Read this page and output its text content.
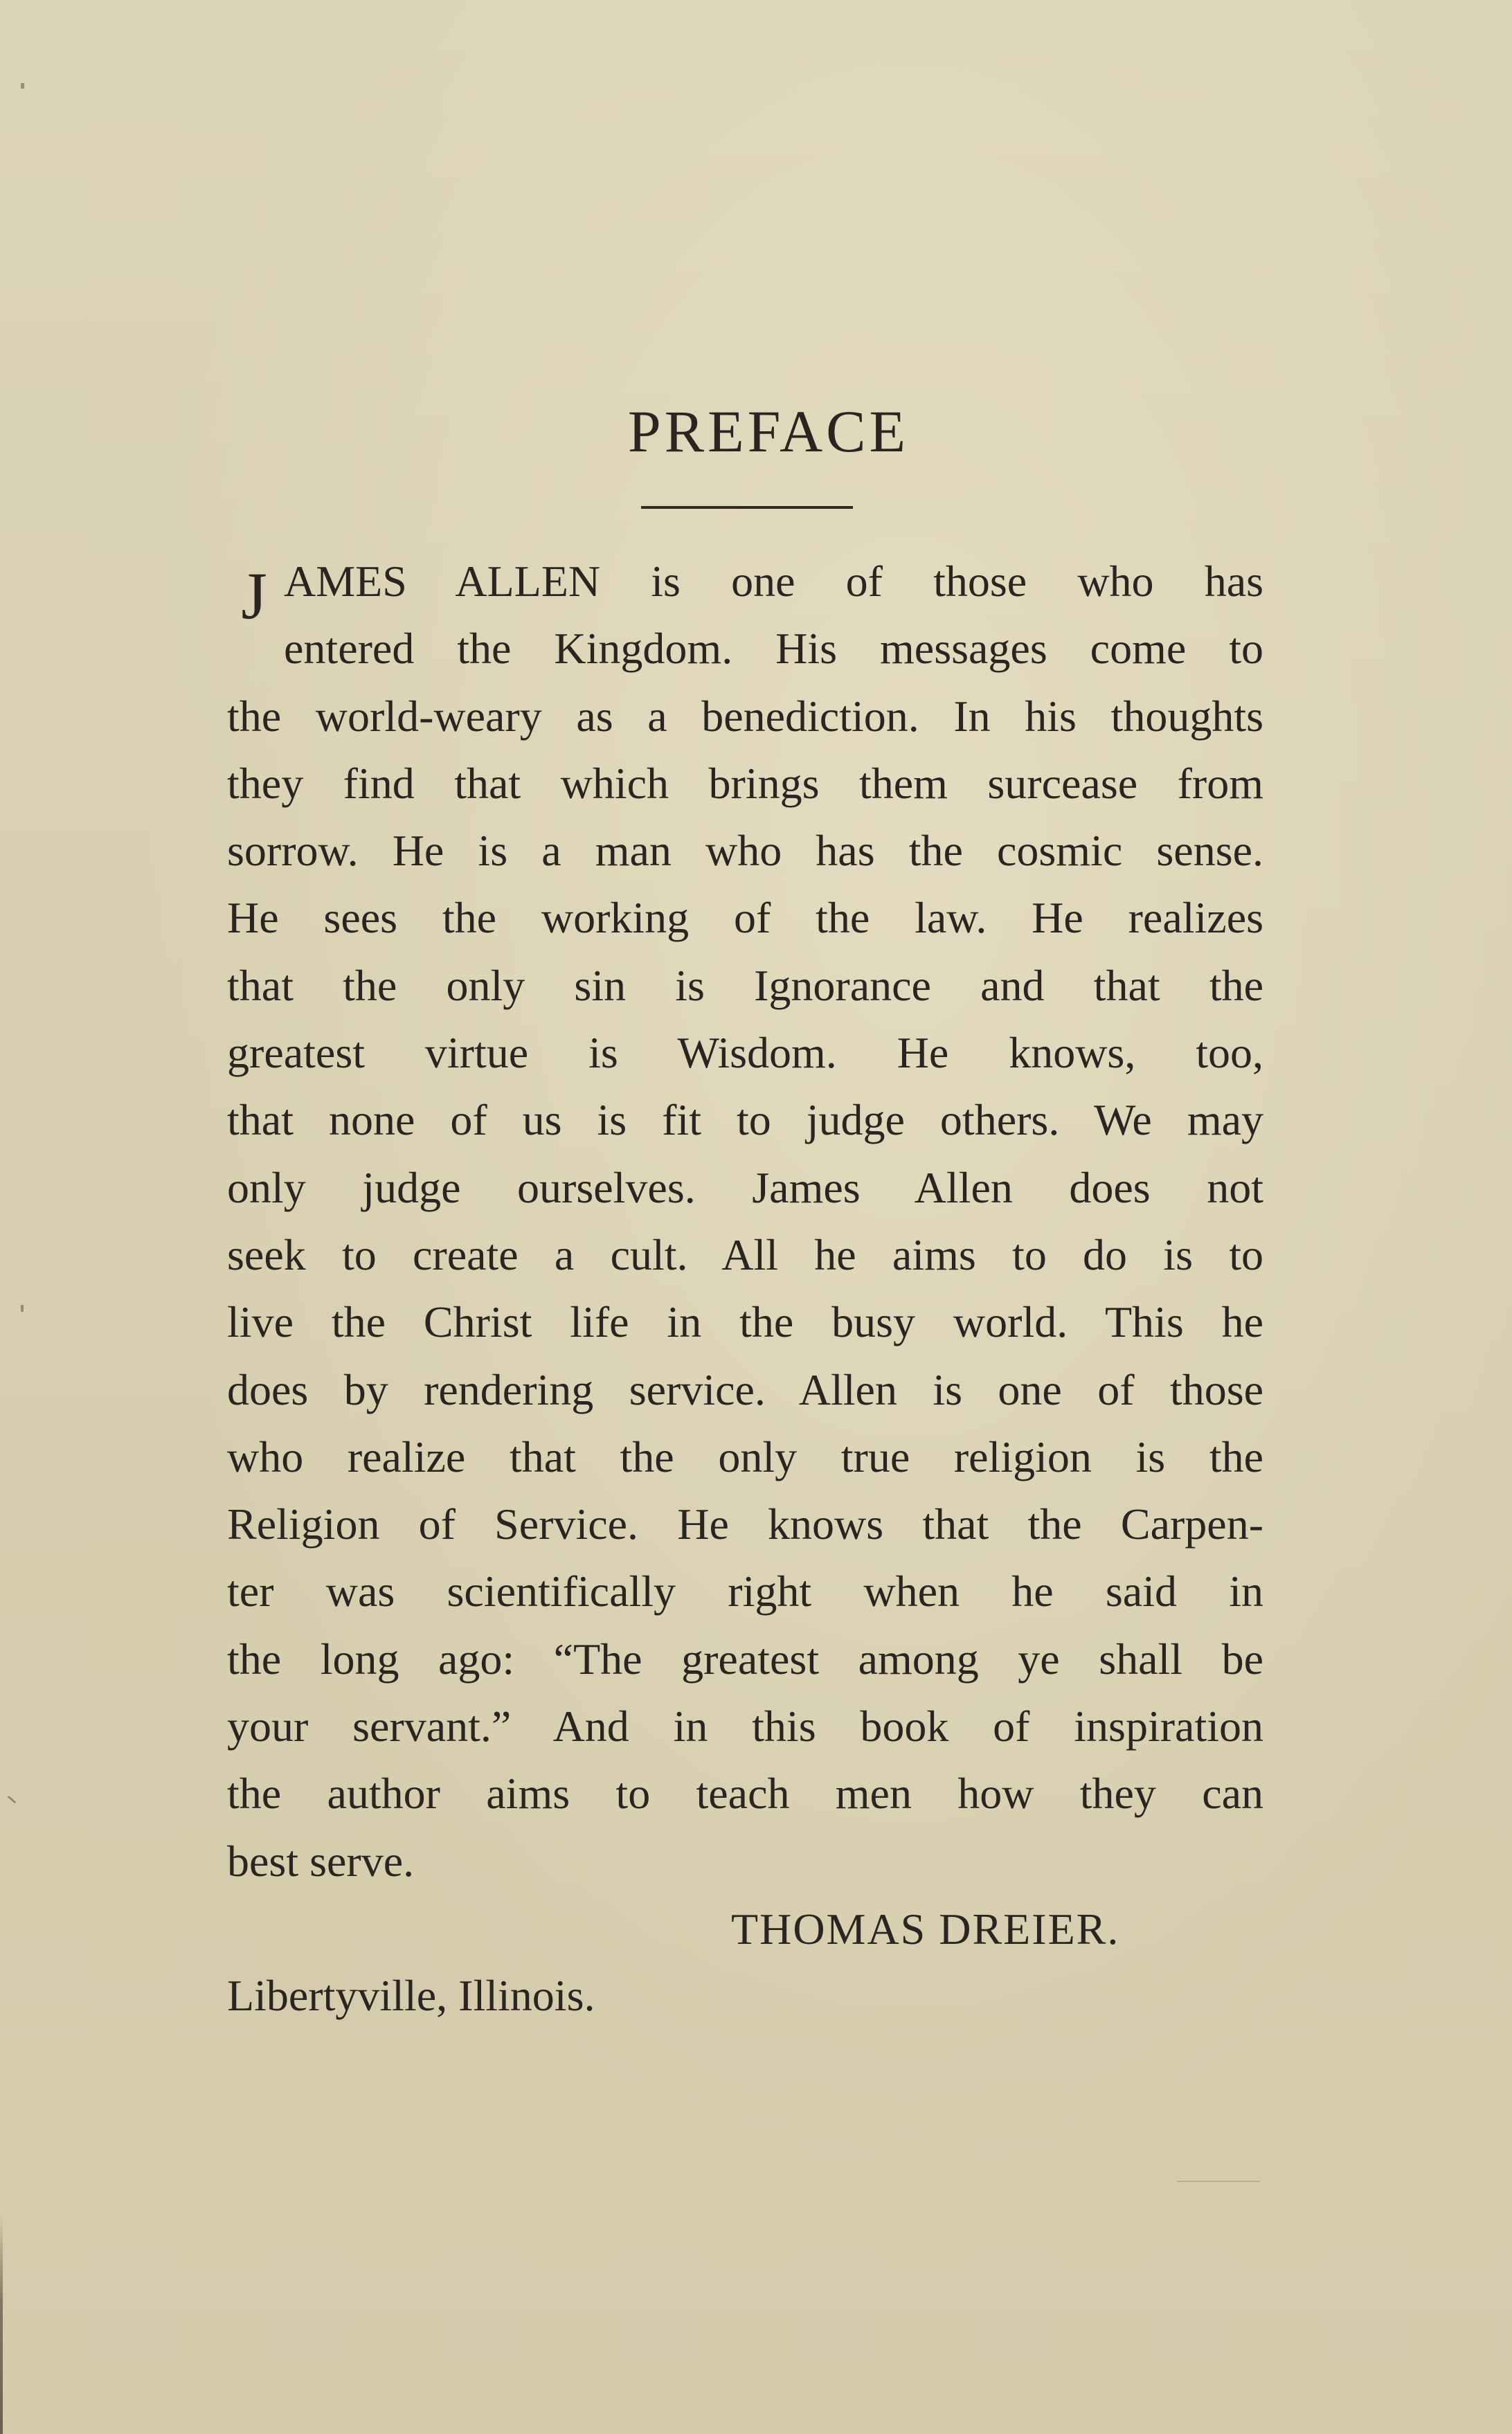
PREFACE
J AMES ALLEN is one of those who has
entered the Kingdom. His messages come to
the world-weary as a benediction. In his thoughts
they find that which brings them surcease from
sorrow. He is a man who has the cosmic sense.
He sees the working of the law. He realizes
that the only sin is Ignorance and that the
greatest virtue is Wisdom. He knows, too,
that none of us is fit to judge others. We may
only judge ourselves. James Allen does not
seek to create a cult. All he aims to do is to
live the Christ life in the busy world. This he
does by rendering service. Allen is one of those
who realize that the only true religion is the
Religion of Service. He knows that the Carpen-
ter was scientifically right when he said in
the long ago: “The greatest among ye shall be
your servant.” And in this book of inspiration
the author aims to teach men how they can
best serve.
THOMAS DREIER.
Libertyville, Illinois.
